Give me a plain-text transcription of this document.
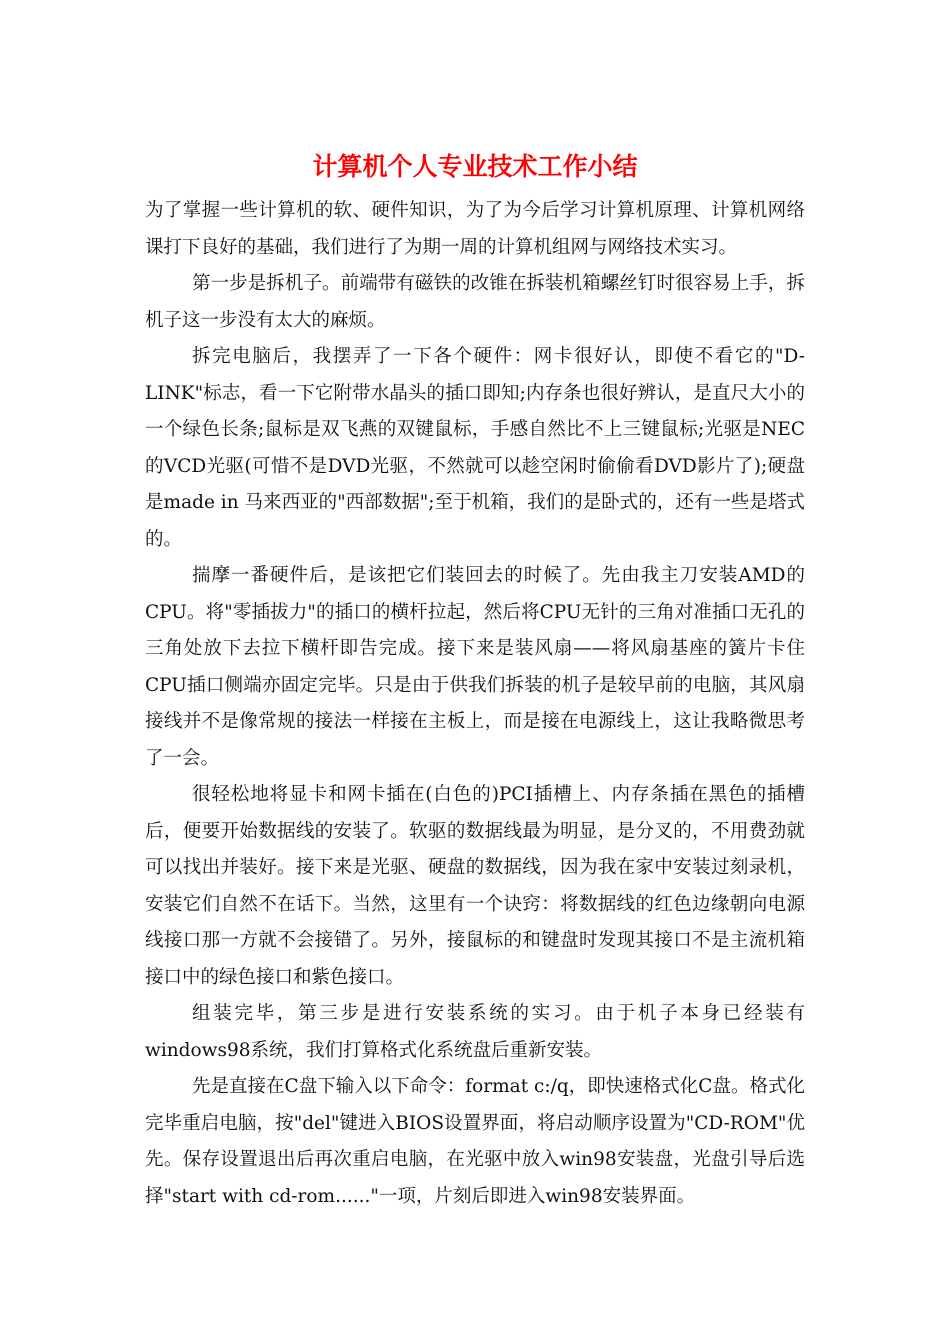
计算机个人专业技术工作小结

为了掌握一些计算机的软、硬件知识，为了为今后学习计算机原理、计算机网络课打下良好的基础，我们进行了为期一周的计算机组网与网络技术实习。

第一步是拆机子。前端带有磁铁的改锥在拆装机箱螺丝钉时很容易上手，拆机子这一步没有太大的麻烦。

拆完电脑后，我摆弄了一下各个硬件：网卡很好认，即使不看它的"D-LINK"标志，看一下它附带水晶头的插口即知;内存条也很好辨认，是直尺大小的一个绿色长条;鼠标是双飞燕的双键鼠标，手感自然比不上三键鼠标;光驱是NEC的VCD光驱(可惜不是DVD光驱，不然就可以趁空闲时偷偷看DVD影片了);硬盘是made in 马来西亚的"西部数据";至于机箱，我们的是卧式的，还有一些是塔式的。

揣摩一番硬件后，是该把它们装回去的时候了。先由我主刀安装AMD的CPU。将"零插拔力"的插口的横杆拉起，然后将CPU无针的三角对准插口无孔的三角处放下去拉下横杆即告完成。接下来是装风扇——将风扇基座的簧片卡住CPU插口侧端亦固定完毕。只是由于供我们拆装的机子是较早前的电脑，其风扇接线并不是像常规的接法一样接在主板上，而是接在电源线上，这让我略微思考了一会。

很轻松地将显卡和网卡插在(白色的)PCI插槽上、内存条插在黑色的插槽后，便要开始数据线的安装了。软驱的数据线最为明显，是分叉的，不用费劲就可以找出并装好。接下来是光驱、硬盘的数据线，因为我在家中安装过刻录机，安装它们自然不在话下。当然，这里有一个诀窍：将数据线的红色边缘朝向电源线接口那一方就不会接错了。另外，接鼠标的和键盘时发现其接口不是主流机箱接口中的绿色接口和紫色接口。

组装完毕，第三步是进行安装系统的实习。由于机子本身已经装有windows98系统，我们打算格式化系统盘后重新安装。

先是直接在C盘下输入以下命令：format c:/q，即快速格式化C盘。格式化完毕重启电脑，按"del"键进入BIOS设置界面，将启动顺序设置为"CD-ROM"优先。保存设置退出后再次重启电脑，在光驱中放入win98安装盘，光盘引导后选择"start with cd-rom......"一项，片刻后即进入win98安装界面。
